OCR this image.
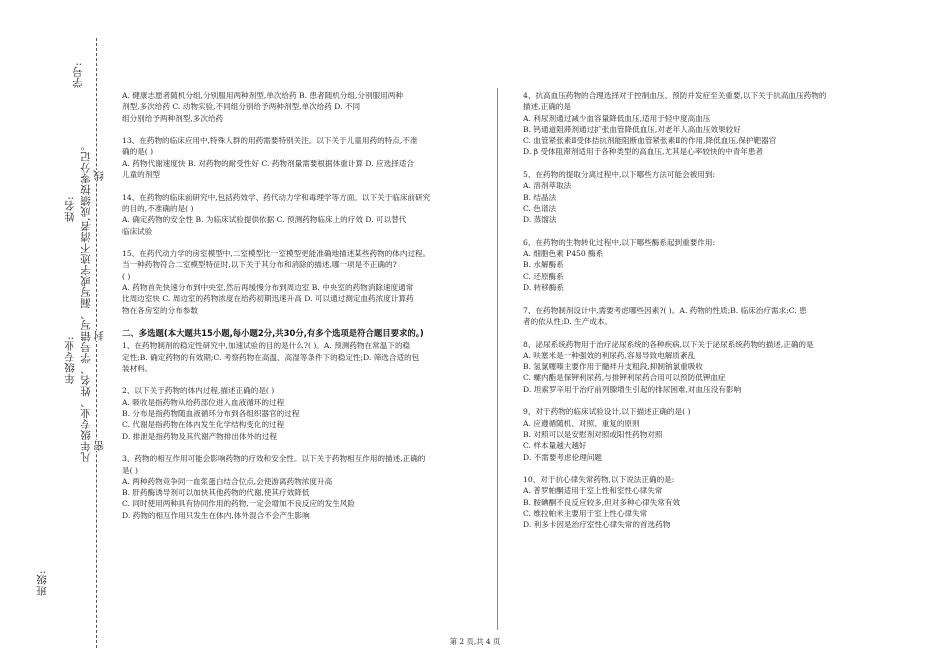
线
封
密
学号:
凡年级专业、姓名、学号错写、漏写或字迹不清者,成绩按零分记。
姓名:
年级专业:
班级:

A. 健康志愿者随机分组,分别服用两种剂型,单次给药 B. 患者随机分组,分别服用两种

剂型,多次给药 C. 动物实验,不同组分别给予两种剂型,单次给药 D. 不同

组分别给予两种剂型,多次给药

13、在药物的临床应用中,特殊人群的用药需要特别关注。以下关于儿童用药的特点,不准

确的是( )

A. 药物代谢速度快 B. 对药物的耐受性好 C. 药物剂量需要根据体重计算 D. 应选择适合

儿童的剂型

14、在药物的临床前研究中,包括药效学、药代动力学和毒理学等方面。以下关于临床前研究

的目的,不准确的是( )

A. 确定药物的安全性 B. 为临床试验提供依据 C. 预测药物临床上的疗效 D. 可以替代

临床试验

15、在药代动力学的房室模型中,二室模型比一室模型更能准确地描述某些药物的体内过程。

当一种药物符合二室模型特征时,以下关于其分布和消除的描述,哪一项是不正确的?

( )

A. 药物首先快速分布到中央室,然后再缓慢分布到周边室 B. 中央室的药物消除速度通常

比周边室快 C. 周边室的药物浓度在给药初期迅速升高 D. 可以通过测定血药浓度计算药

物在各房室的分布参数

二、多选题(本大题共15小题,每小题2分,共30分,有多个选项是符合题目要求的。)

1、在药物制剂的稳定性研究中,加速试验的目的是什么?( )。A. 预测药物在常温下的稳

定性;B. 确定药物的有效期;C. 考察药物在高温、高湿等条件下的稳定性;D. 筛选合适的包

装材料。

2、以下关于药物的体内过程,描述正确的是( )

A. 吸收是指药物从给药部位进入血液循环的过程

B. 分布是指药物随血液循环分布到各组织器官的过程

C. 代谢是指药物在体内发生化学结构变化的过程

D. 排泄是指药物及其代谢产物排出体外的过程

3、药物的相互作用可能会影响药物的疗效和安全性。以下关于药物相互作用的描述,正确的

是( )

A. 两种药物竞争同一血浆蛋白结合位点,会使游离药物浓度升高

B. 肝药酶诱导剂可以加快其他药物的代谢,使其疗效降低

C. 同时使用两种具有协同作用的药物,一定会增加不良反应的发生风险

D. 药物的相互作用只发生在体内,体外混合不会产生影响

4、抗高血压药物的合理选择对于控制血压、预防并发症至关重要,以下关于抗高血压药物的

描述,正确的是

A. 利尿剂通过减少血容量降低血压,适用于轻中度高血压

B. 钙通道阻滞剂通过扩张血管降低血压,对老年人高血压效果较好

C. 血管紧张素Ⅱ受体拮抗剂能阻断血管紧张素Ⅱ的作用,降低血压,保护靶器官

D. β 受体阻滞剂适用于各种类型的高血压,尤其是心率较快的中青年患者

5、在药物的提取分离过程中,以下哪些方法可能会被用到:

A. 溶剂萃取法

B. 结晶法

C. 色谱法

D. 蒸馏法

6、在药物的生物转化过程中,以下哪些酶系起到重要作用:

A. 细胞色素 P450 酶系

B. 水解酶系

C. 还原酶系

D. 转移酶系

7、在药物制剂设计中,需要考虑哪些因素?( )。A. 药物的性质;B. 临床治疗需求;C. 患

者的依从性;D. 生产成本。

8、泌尿系统药物用于治疗泌尿系统的各种疾病,以下关于泌尿系统药物的描述,正确的是

A. 呋塞米是一种强效的利尿药,容易导致电解质紊乱

B. 氢氯噻嗪主要作用于髓袢升支粗段,抑制钠氯重吸收

C. 螺内酯是保钾利尿药,与排钾利尿药合用可以预防低钾血症

D. 坦索罗辛用于治疗前列腺增生引起的排尿困难,对血压没有影响

9、对于药物的临床试验设计,以下描述正确的是( )

A. 应遵循随机、对照、重复的原则

B. 对照可以是安慰剂对照或阳性药物对照

C. 样本量越大越好

D. 不需要考虑伦理问题

10、对于抗心律失常药物,以下说法正确的是:

A. 普罗帕酮适用于室上性和室性心律失常

B. 胺碘酮不良反应较多,但对多种心律失常有效

C. 维拉帕米主要用于室上性心律失常

D. 利多卡因是治疗室性心律失常的首选药物

第 2 页,共 4 页
